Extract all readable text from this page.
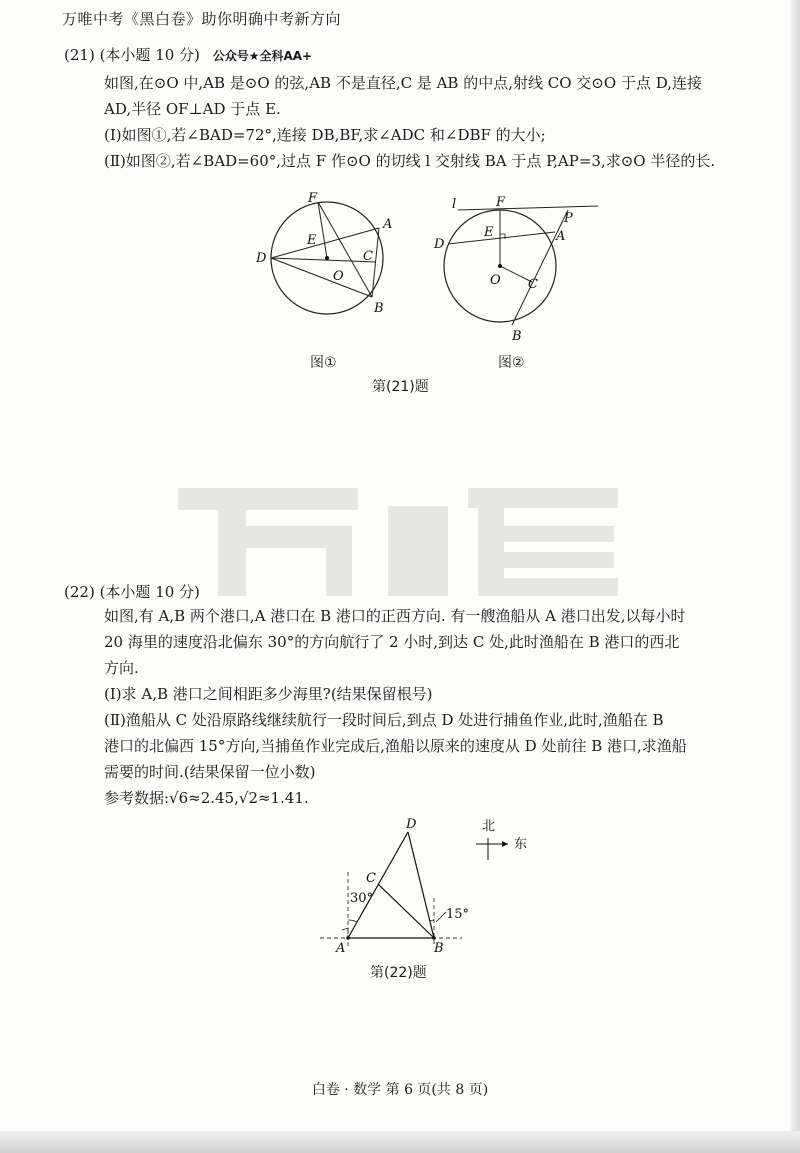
万唯中考《黑白卷》助你明确中考新方向
(21) (本小题 10 分) 公众号★全科AA+
如图,在⊙O 中,AB 是⊙O 的弦,AB 不是直径,C 是 AB 的中点,射线 CO 交⊙O 于点 D,连接
AD,半径 OF⊥AD 于点 E.
(Ⅰ)如图①,若∠BAD=72°,连接 DB,BF,求∠ADC 和∠DBF 的大小;
(Ⅱ)如图②,若∠BAD=60°,过点 F 作⊙O 的切线 l 交射线 BA 于点 P,AP=3,求⊙O 半径的长.
F
E
A
D	C
O
B
l	F
P
E	A
D
O C
B
图①	图②
第(21)题
(22) (本小题 10 分)
如图,有 A,B 两个港口,A 港口在 B 港口的正西方向. 有一艘渔船从 A 港口出发,以每小时
20 海里的速度沿北偏东 30°的方向航行了 2 小时,到达 C 处,此时渔船在 B 港口的西北
方向.
(Ⅰ)求 A,B 港口之间相距多少海里?(结果保留根号)
(Ⅱ)渔船从 C 处沿原路线继续航行一段时间后,到点 D 处进行捕鱼作业,此时,渔船在 B
港口的北偏西 15°方向,当捕鱼作业完成后,渔船以原来的速度从 D 处前往 B 港口,求渔船
需要的时间.(结果保留一位小数)
参考数据:√6≈2.45,√2≈1.41.
D
C
30°
15°
A	B
北
东
第(22)题
白卷 · 数学 第 6 页(共 8 页)
